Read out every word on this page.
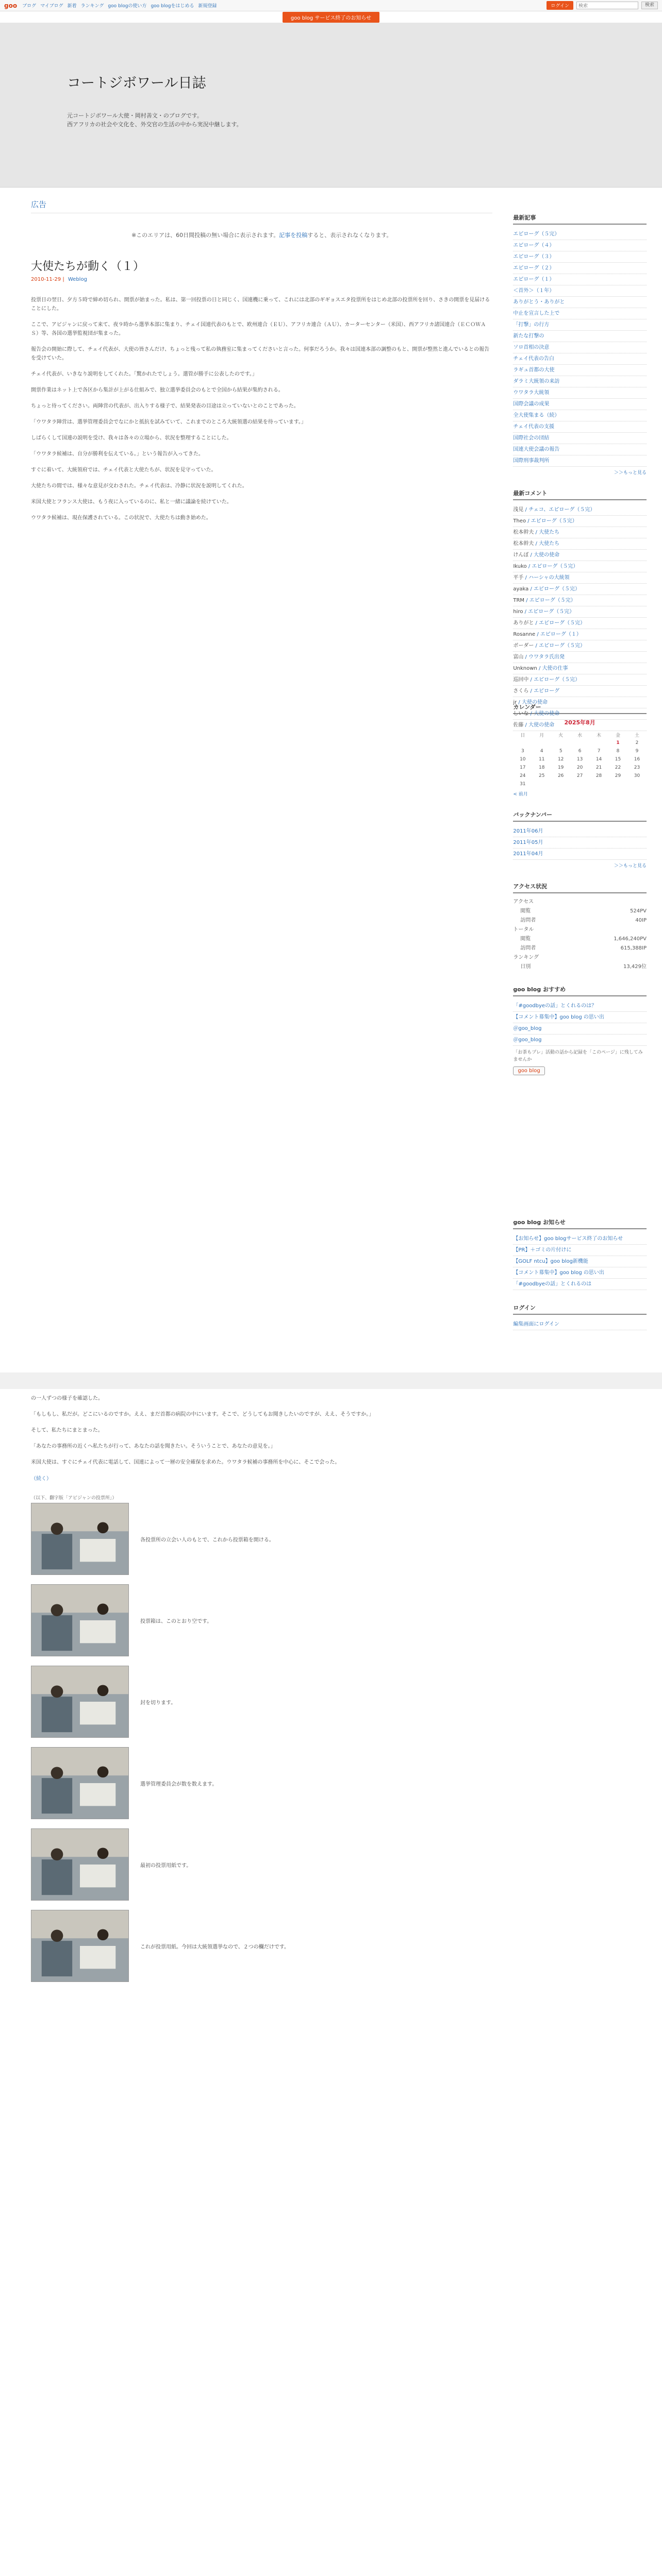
goo ブログ マイブログ 新着 ランキング goo blogの使い方 goo blogをはじめる 新規登録	ログイン
検索	検索
goo blog サービス終了のお知らせ
コートジボワール日誌
元コートジボワール大使・岡村善文・のブログです。
西アフリカの社会や文化を、外交官の生活の中から実況中継します。
広告
※このエリアは、60日間投稿の無い場合に表示されます。記事を投稿すると、表示されなくなります。
大使たちが動く（１）
2010-11-29 | Weblog

投票日の翌日、夕方５時で締め切られ、開票が始まった。私は、第一回投票の日と同じく、国連機に乗って、これには北部のギギョスエタ投票所をはじめ北部の投票所を回り、さきの開票を見届けることにした。

ここで、アビジャンに戻って来て、夜９時から選挙本部に集まり、チェイ国連代表のもとで、欧州連合（ＥＵ）、アフリカ連合（ＡＵ）、カーターセンター（米国）、西アフリカ諸国連合（ＥＣＯＷＡＳ）等、各国の選挙監視団が集まった。

報告会の開始に際して、チェイ代表が、大使の皆さんだけ、ちょっと残って私の執務室に集まってくださいと言った。何事だろうか。我々は国連本部の調整のもと、開票が整然と進んでいるとの報告を受けていた。

チェイ代表が、いきなり説明をしてくれた。「驚かれたでしょう。選管が勝手に公表したのです。」

開票作業はネット上で各区から集計が上がる仕組みで、独立選挙委員会のもとで全国から結果が集約される。

ちょっと待ってください。両陣営の代表が、出入りする様子で、結果発表の目途は立っていないとのことであった。

「ウワタラ陣営は、選挙管理委員会でなにかと抵抗を試みていて、これまでのところ大統領選の結果を待っています。」

しばらくして国連の説明を受け、我々は各々の立場から、状況を整理することにした。

「ウワタラ候補は、自分が勝利を伝えている。」という報告が入ってきた。

すぐに着いて、大統領府では、チェイ代表と大使たちが、状況を見守っていた。

大使たちの間では、様々な意見が交わされた。チェイ代表は、冷静に状況を説明してくれた。

米国大使とフランス大使は、もう夜に入っているのに、私と一緒に議論を続けていた。

ウワタラ候補は、現在保護されている。この状況で、大使たちは動き始めた。

最新記事
エピローグ（５完）
エピローグ（４）
エピローグ（３）
エピローグ（２）
エピローグ（１）
＜首外＞（１年）
ありがとう・ありがと
中止を宣言した上で
「打撃」の行方
新たな打撃の
ソロ首相の決意
チェイ代表の告白
ラギュ首都の大使
ダラミ大統領の来訪
ウワタラ大統領
国際会議の成果
全大使集まる（続）
チェイ代表の支援
国際社会の団結
国連大使会議の報告
国際刑事裁判所
＞＞もっと見る
最新コメント
浅見 / チェコ、エピローグ（５完）
Theo / エピローグ（５完）
松本幹夫 / 大使たち
松本幹夫 / 大使たち
けんぼ / 大使の使命
Ikuko / エピローグ（５完）
平手 / ハーシャの大統領
ayaka / エピローグ（５完）
TRM / エピローグ（５完）
hiro / エピローグ（５完）
ありがと / エピローグ（５完）
Rosanne / エピローグ（１）
ボーダー / エピローグ（５完）
富山 / ウワタラ氏出発
Unknown / 大使の仕事
巡回中 / エピローグ（５完）
さくら / エピローグ
jr / 大使の使命
しいな / 大使の使命
佐藤 / 大使の使命
カレンダー
2025年8月
日	月	火	水	木	金	土
					1	2
3	4	5	6	7	8	9
10	11	12	13	14	15	16
17	18	19	20	21	22	23
24	25	26	27	28	29	30
31						
< 前月
バックナンバー
2011年06月
2011年05月
2011年04月
＞＞もっと見る
アクセス状況
アクセス
閲覧	524PV
訪問者	40IP
トータル
閲覧	1,646,240PV
訪問者	615,388IP
ランキング
日別	13,429位
goo blog おすすめ
「#goodbyeの話」とくれるのは？
【コメント募集中】goo blog の思い出
＠goo_blog
＠goo_blog
「お茶もプレ」活動の話から記録を「このページ」に残してみませんか
goo blog
goo blog お知らせ
【お知らせ】goo blogサービス終了のお知らせ
【PR】＋ゴミの片付けに
【GOLF ntcu】goo blog新機能
【コメント募集中】goo blog の思い出
「#goodbyeの話」とくれるのは
ログイン
編集画面にログイン

の一人ずつの様子を確認した。

「もしもし、私だが。どこにいるのですか。ええ、まだ首都の病院の中にいます。そこで、どうしてもお聞きしたいのですが、ええ、そうですか。」

そして、私たちにまとまった。

「あなたの事務所の近くへ私たちが行って、あなたの話を聞きたい。そういうことで、あなたの意見を。」

米国大使は、すぐにチェイ代表に電話して、国連によって一層の安全確保を求めた。ウワタラ候補の事務所を中心に、そこで会った。

（続く）

（以下、翻字版「アビジャンの投票所」）
各投票所の立会い人のもとで、これから投票箱を開ける。
投票箱は、このとおり空です。
封を切ります。
選挙管理委員会が数を数えます。
最初の投票用紙です。
これが投票用紙。今回は大統領選挙なので、２つの欄だけです。
